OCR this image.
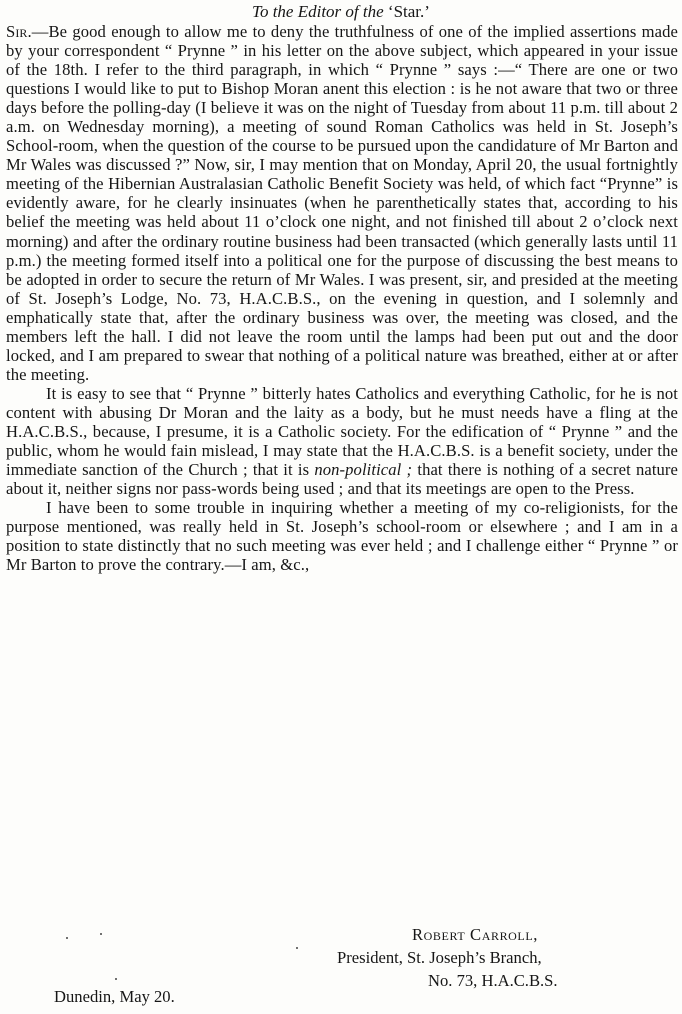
To the Editor of the ‘Star.’

Sir.—Be good enough to allow me to deny the truthfulness of one of the implied assertions made by your correspondent “ Prynne ” in his letter on the above subject, which appeared in your issue of the 18th. I refer to the third paragraph, in which “ Prynne ” says :—“ There are one or two questions I would like to put to Bishop Moran anent this election : is he not aware that two or three days before the polling-day (I believe it was on the night of Tuesday from about 11 p.m. till about 2 a.m. on Wednesday morning), a meeting of sound Roman Catholics was held in St. Joseph’s School-room, when the question of the course to be pursued upon the candidature of Mr Barton and Mr Wales was discussed ?” Now, sir, I may mention that on Monday, April 20, the usual fortnightly meeting of the Hibernian Australasian Catholic Benefit Society was held, of which fact “Prynne” is evidently aware, for he clearly insinuates (when he parenthetically states that, according to his belief the meeting was held about 11 o’clock one night, and not finished till about 2 o’clock next morning) and after the ordinary routine business had been transacted (which generally lasts until 11 p.m.) the meeting formed itself into a political one for the purpose of discussing the best means to be adopted in order to secure the return of Mr Wales. I was present, sir, and presided at the meeting of St. Joseph’s Lodge, No. 73, H.A.C.B.S., on the evening in question, and I solemnly and emphatically state that, after the ordinary business was over, the meeting was closed, and the members left the hall. I did not leave the room until the lamps had been put out and the door locked, and I am prepared to swear that nothing of a political nature was breathed, either at or after the meeting.

It is easy to see that “ Prynne ” bitterly hates Catholics and everything Catholic, for he is not content with abusing Dr Moran and the laity as a body, but he must needs have a fling at the H.A.C.B.S., because, I presume, it is a Catholic society. For the edification of “ Prynne ” and the public, whom he would fain mislead, I may state that the H.A.C.B.S. is a benefit society, under the immediate sanction of the Church ; that it is non-political ; that there is nothing of a secret nature about it, neither signs nor pass-words being used ; and that its meetings are open to the Press.

I have been to some trouble in inquiring whether a meeting of my co-religionists, for the purpose mentioned, was really held in St. Joseph’s school-room or elsewhere ; and I am in a position to state distinctly that no such meeting was ever held ; and I challenge either “ Prynne ” or Mr Barton to prove the contrary.—I am, &c.,

Robert Carroll,
President, St. Joseph’s Branch,
No. 73, H.A.C.B.S.
Dunedin, May 20.
